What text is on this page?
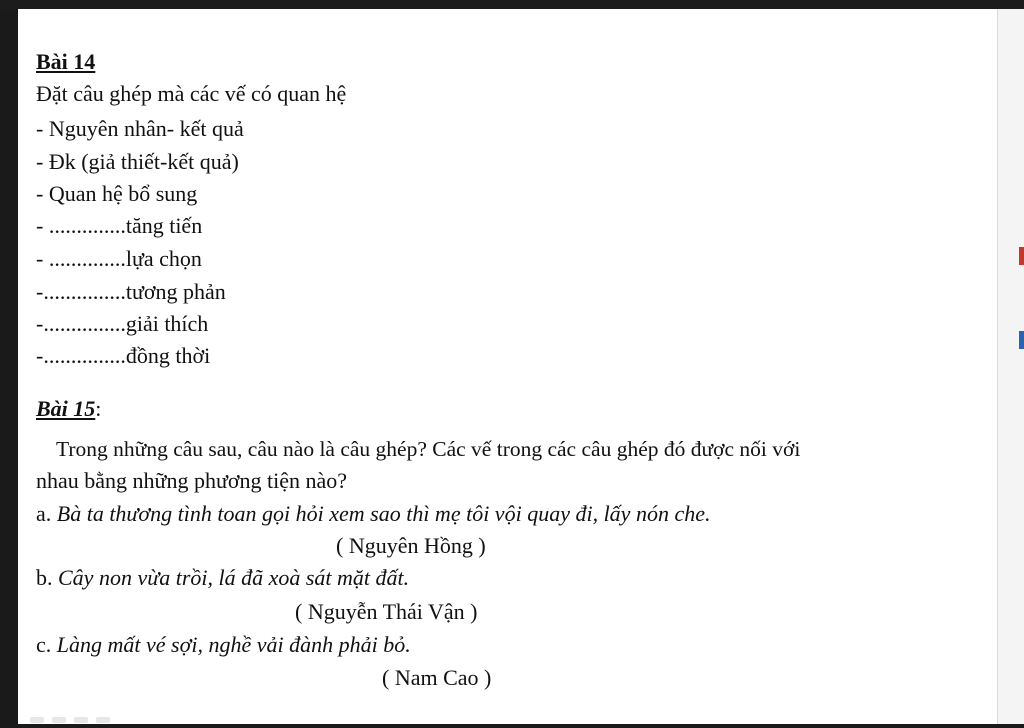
Bài 14
Đặt câu ghép mà các vế có quan hệ
- Nguyên nhân- kết quả
- Đk (giả thiết-kết quả)
- Quan hệ bổ sung
- ..............tăng tiến
- ..............lựa chọn
-...............tương phản
-...............giải thích
-...............đồng thời
Bài 15:
Trong những câu sau, câu nào là câu ghép? Các vế trong các câu ghép đó được nối với
nhau bằng những phương tiện nào?
a. Bà ta thương tình toan gọi hỏi xem sao thì mẹ tôi vội quay đi, lấy nón che.
( Nguyên Hồng )
b. Cây non vừa trồi, lá đã xoà sát mặt đất.
( Nguyễn Thái Vận )
c. Làng mất vé sợi, nghề vải đành phải bỏ.
( Nam Cao )
